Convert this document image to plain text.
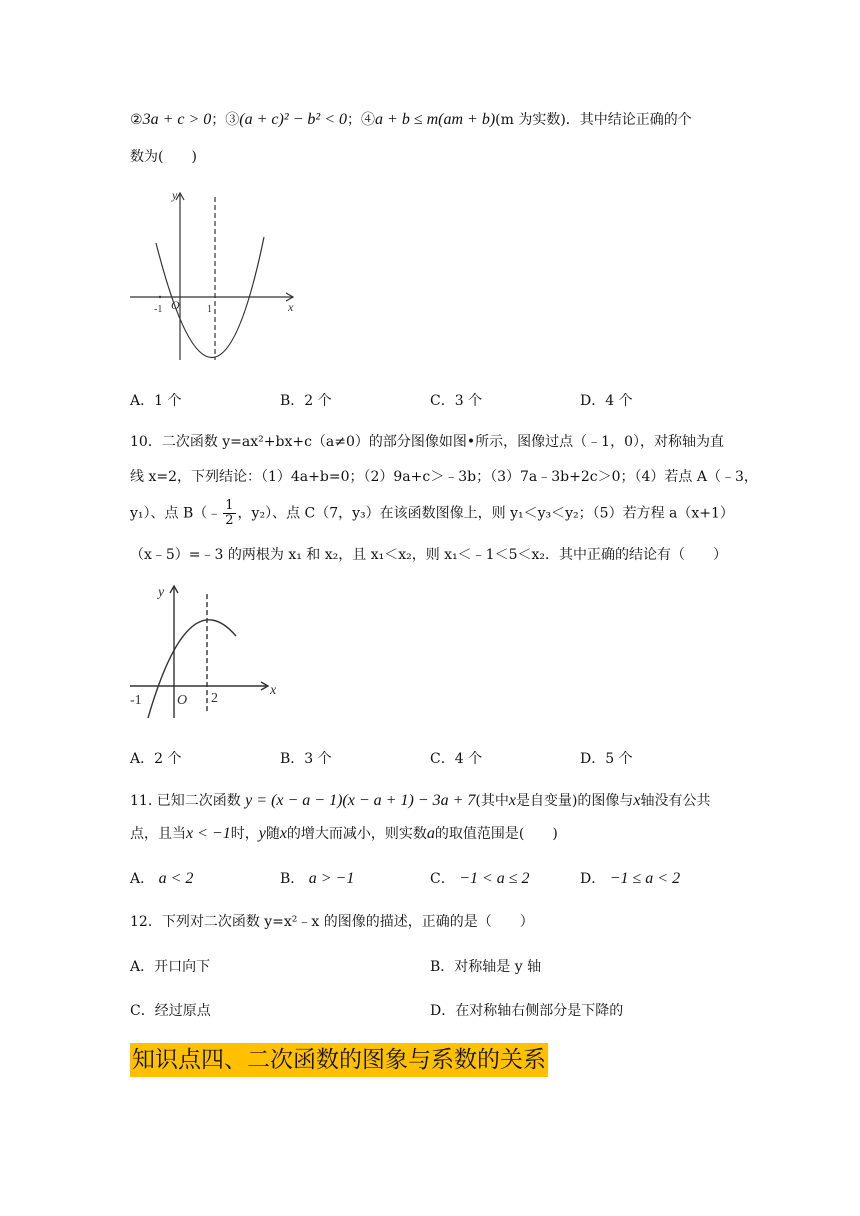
②3a + c > 0；③(a + c)² − b² < 0；④a + b ≤ m(am + b)(m 为实数)．其中结论正确的个
数为(　　)
y
x
O
-1	1
A．1 个	B．2 个	C．3 个	D．4 个
10．二次函数 y=ax²+bx+c（a≠0）的部分图像如图•所示，图像过点（﹣1，0），对称轴为直
线 x=2，下列结论：（1）4a+b=0；（2）9a+c＞﹣3b；（3）7a﹣3b+2c＞0；（4）若点 A（﹣3，
y₁）、点 B（﹣ $\frac{1}{2}$ ，y₂）、点 C（7，y₃）在该函数图像上，则 y₁＜y₃＜y₂；（5）若方程 a（x+1）
（x﹣5）=﹣3 的两根为 x₁ 和 x₂，且 x₁＜x₂，则 x₁＜﹣1＜5＜x₂．其中正确的结论有（　　）
y
x
O
-1	2
A．2 个	B．3 个	C．4 个	D．5 个
11. 已知二次函数 y = (x − a − 1)(x − a + 1) − 3a + 7(其中x是自变量)的图像与x轴没有公共
点，且当x < −1时，y随x的增大而减小，则实数a的取值范围是(　　)
A． a < 2	B． a > −1	C． −1 < a ≤ 2	D． −1 ≤ a < 2
12．下列对二次函数 y=x²﹣x 的图像的描述，正确的是（　　）
A．开口向下	B．对称轴是 y 轴
C．经过原点	D．在对称轴右侧部分是下降的
知识点四、二次函数的图象与系数的关系
